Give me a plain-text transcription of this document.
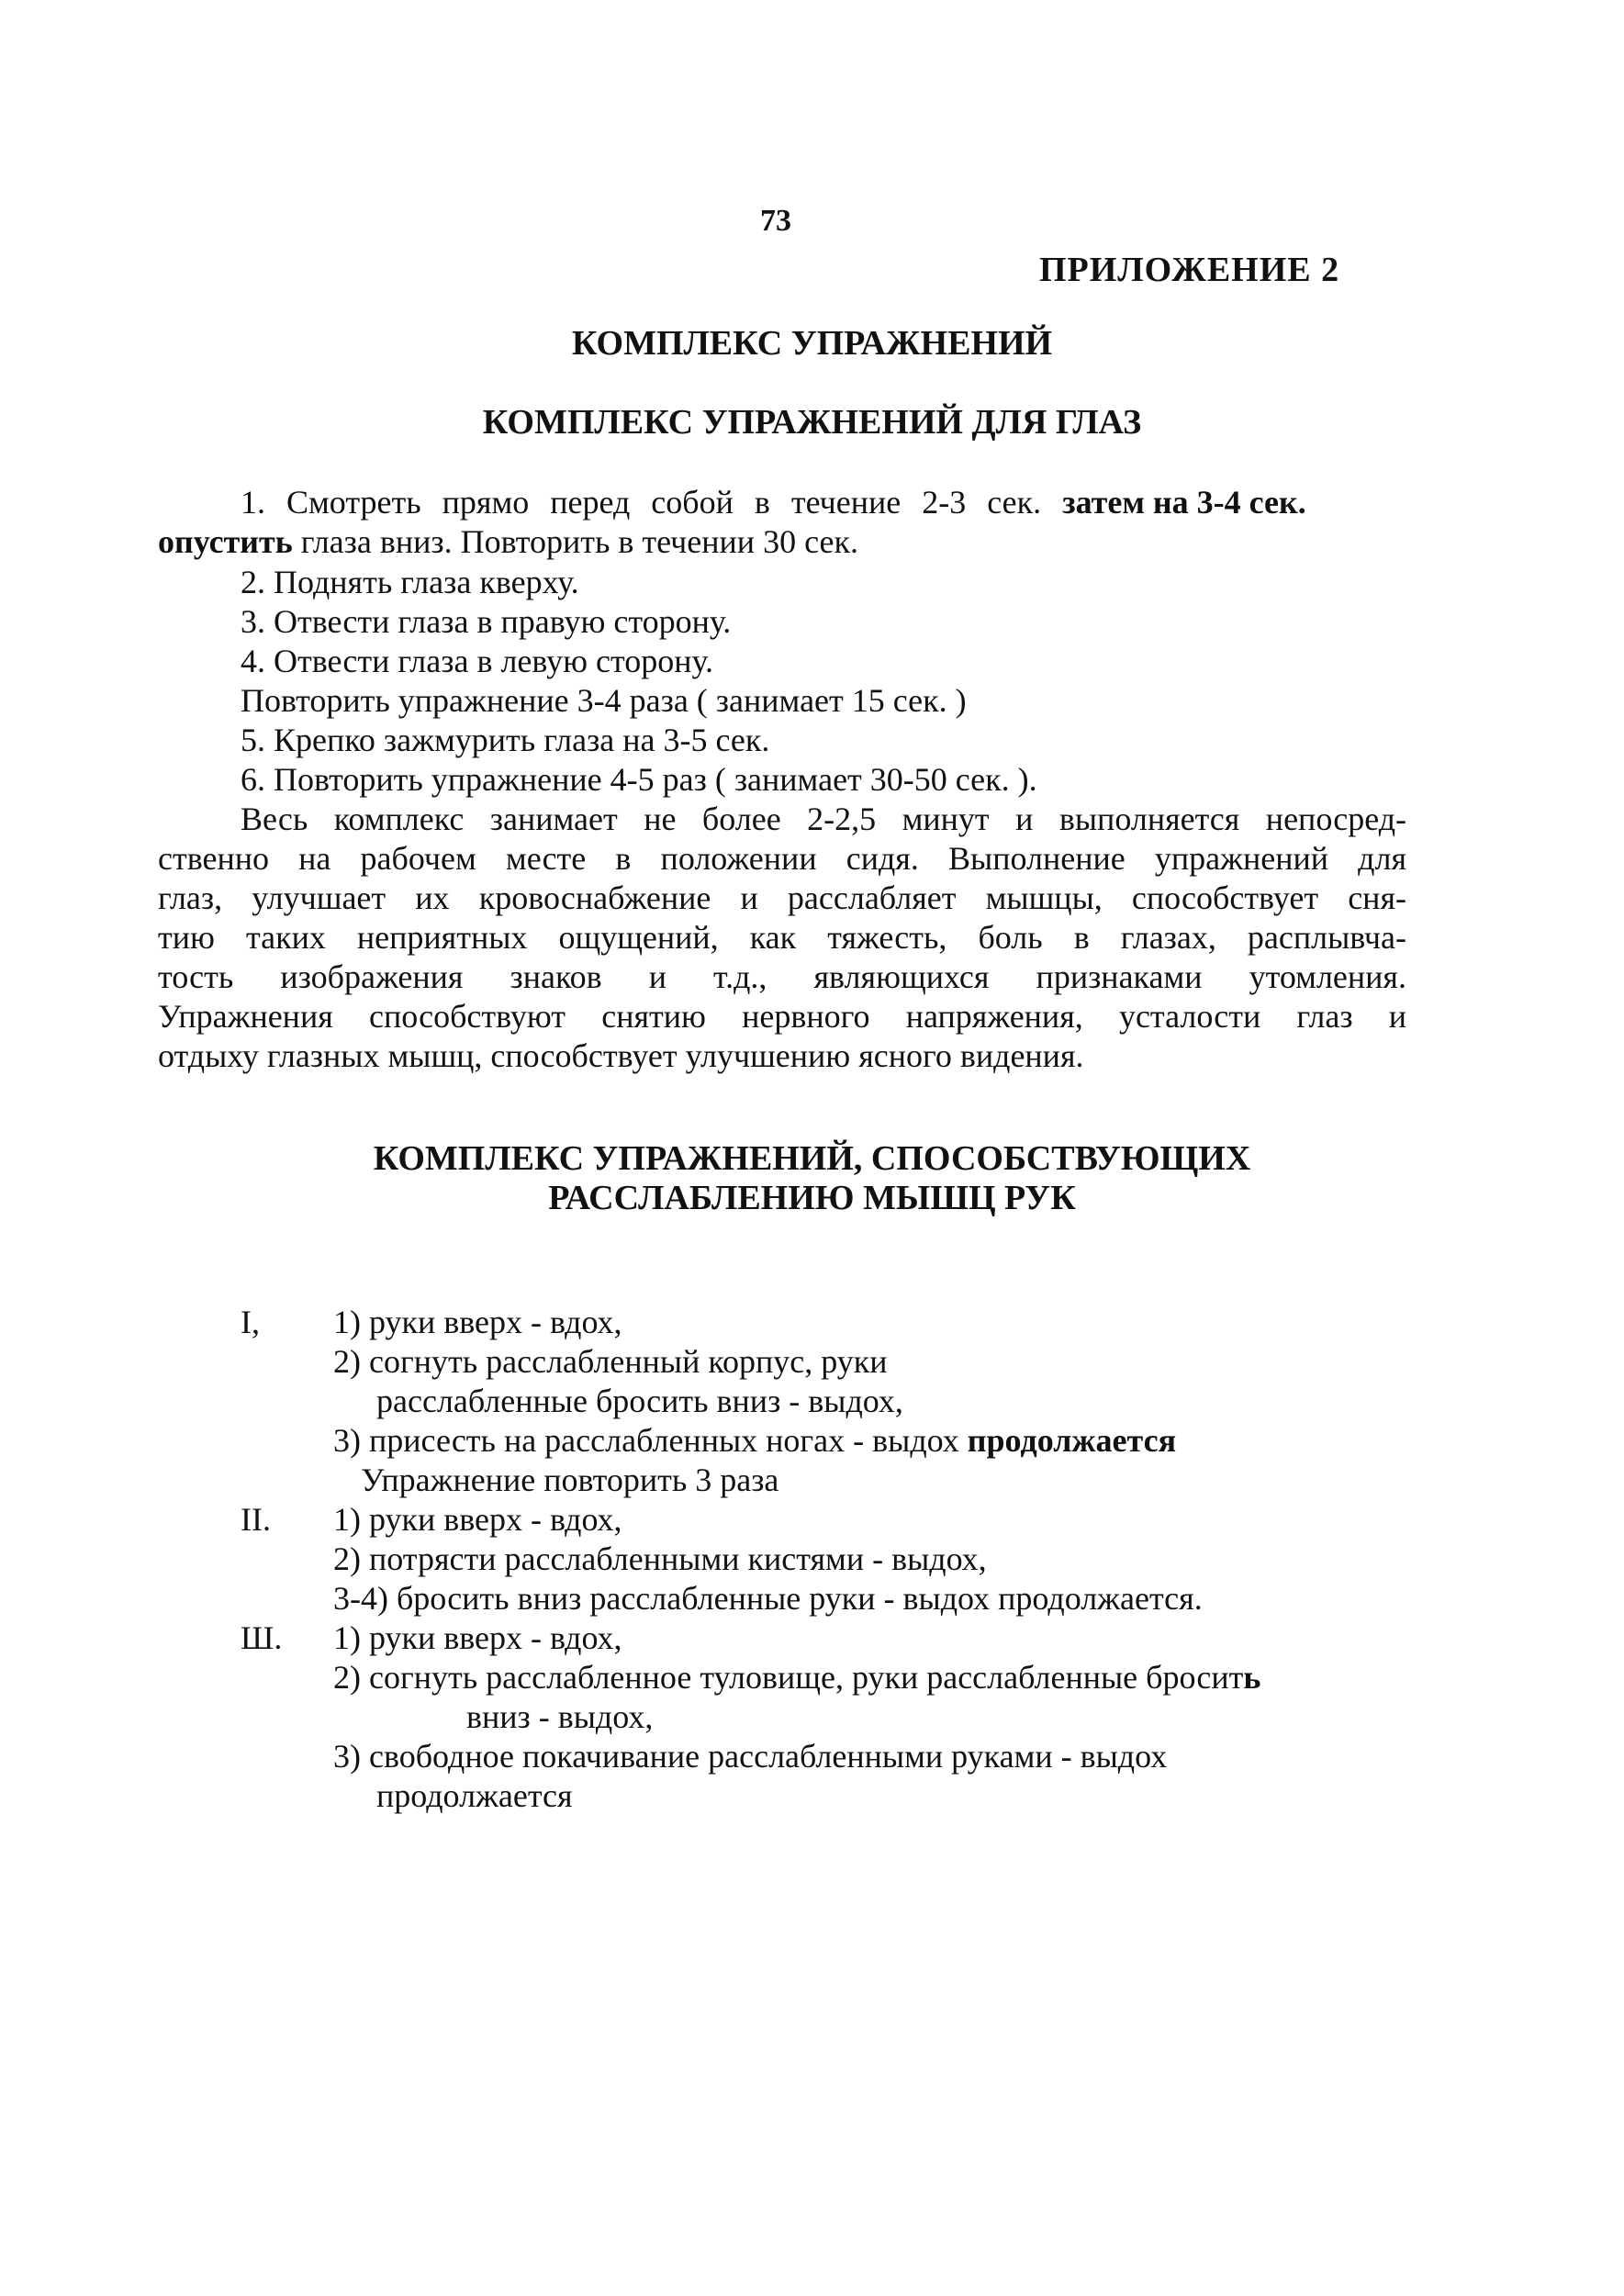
73
ПРИЛОЖЕНИЕ 2
КОМПЛЕКС УПРАЖНЕНИЙ
КОМПЛЕКС УПРАЖНЕНИЙ ДЛЯ ГЛАЗ
1. Смотреть прямо перед собой в течение 2-3 сек. затем на 3-4 сек.
опустить глаза вниз. Повторить в течении 30 сек.
2. Поднять глаза кверху.
3. Отвести глаза в правую сторону.
4. Отвести глаза в левую сторону.
Повторить упражнение 3-4 раза ( занимает 15 сек. )
5. Крепко зажмурить глаза на 3-5 сек.
6. Повторить упражнение 4-5 раз ( занимает 30-50 сек. ).
Весь комплекс занимает не более 2-2,5 минут и выполняется непосред-
ственно на рабочем месте в положении сидя. Выполнение упражнений для
глаз, улучшает их кровоснабжение и расслабляет мышцы, способствует сня-
тию таких неприятных ощущений, как тяжесть, боль в глазах, расплывча-
тость изображения знаков и т.д., являющихся признаками утомления.
Упражнения способствуют снятию нервного напряжения, усталости глаз и
отдыху глазных мышц, способствует улучшению ясного видения.
КОМПЛЕКС УПРАЖНЕНИЙ, СПОСОБСТВУЮЩИХ
РАССЛАБЛЕНИЮ МЫШЦ РУК
I, 1) руки вверх - вдох,
2) согнуть расслабленный корпус, руки
расслабленные бросить вниз - выдох,
3) присесть на расслабленных ногах - выдох продолжается
Упражнение повторить 3 раза
II. 1) руки вверх - вдох,
2) потрясти расслабленными кистями - выдох,
3-4) бросить вниз расслабленные руки - выдох продолжается.
Ш. 1) руки вверх - вдох,
2) согнуть расслабленное туловище, руки расслабленные бросить
вниз - выдох,
3) свободное покачивание расслабленными руками - выдох
продолжается
